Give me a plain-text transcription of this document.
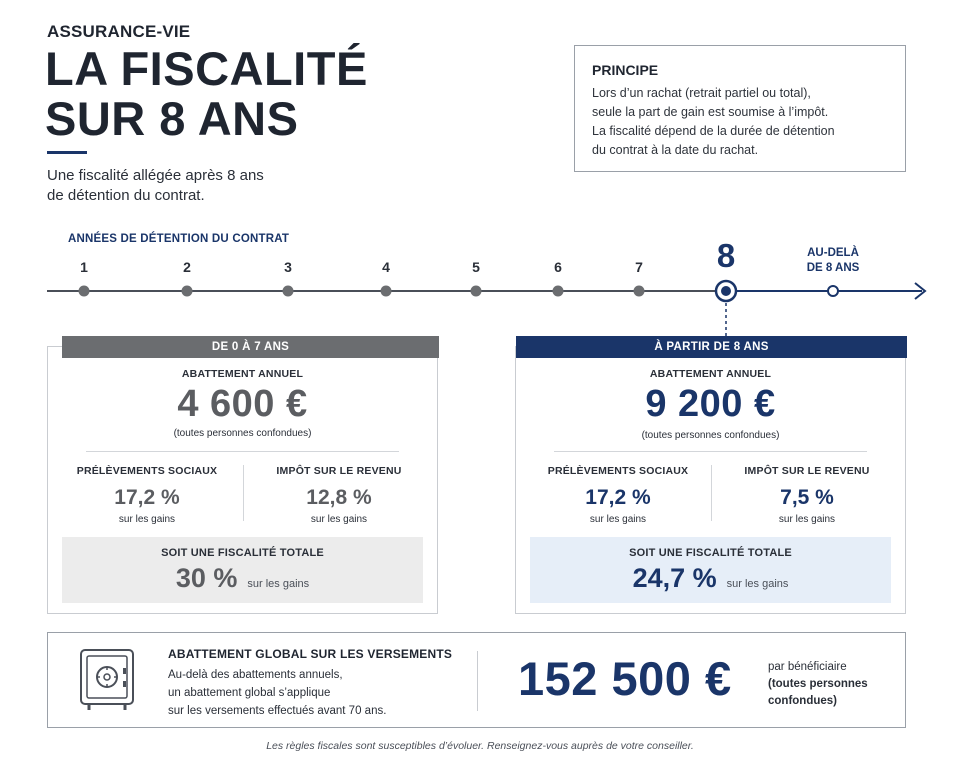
ASSURANCE-VIE
LA FISCALITÉ
SUR 8 ANS
Une fiscalité allégée après 8 ans
de détention du contrat.
PRINCIPE

Lors d’un rachat (retrait partiel ou total),
seule la part de gain est soumise à l’impôt.
La fiscalité dépend de la durée de détention
du contrat à la date du rachat.

ANNÉES DE DÉTENTION DU CONTRAT
1	2	3	4	5	6	7 8	AU-DELÀ
DE 8 ANS
DE 0 À 7 ANS
ABATTEMENT ANNUEL
4 600 €
(toutes personnes confondues)
PRÉLÈVEMENTS SOCIAUX
17,2 %
sur les gains
IMPÔT SUR LE REVENU
12,8 %
sur les gains
SOIT UNE FISCALITÉ TOTALE
30 % sur les gains
À PARTIR DE 8 ANS
ABATTEMENT ANNUEL
9 200 €
(toutes personnes confondues)
PRÉLÈVEMENTS SOCIAUX
17,2 %
sur les gains
IMPÔT SUR LE REVENU
7,5 %
sur les gains
SOIT UNE FISCALITÉ TOTALE
24,7 % sur les gains
ABATTEMENT GLOBAL SUR LES VERSEMENTS
Au-delà des abattements annuels,
un abattement global s’applique
sur les versements effectués avant 70 ans.
152 500 €	par bénéficiaire
(toutes personnes
confondues)
Les règles fiscales sont susceptibles d’évoluer. Renseignez-vous auprès de votre conseiller.
